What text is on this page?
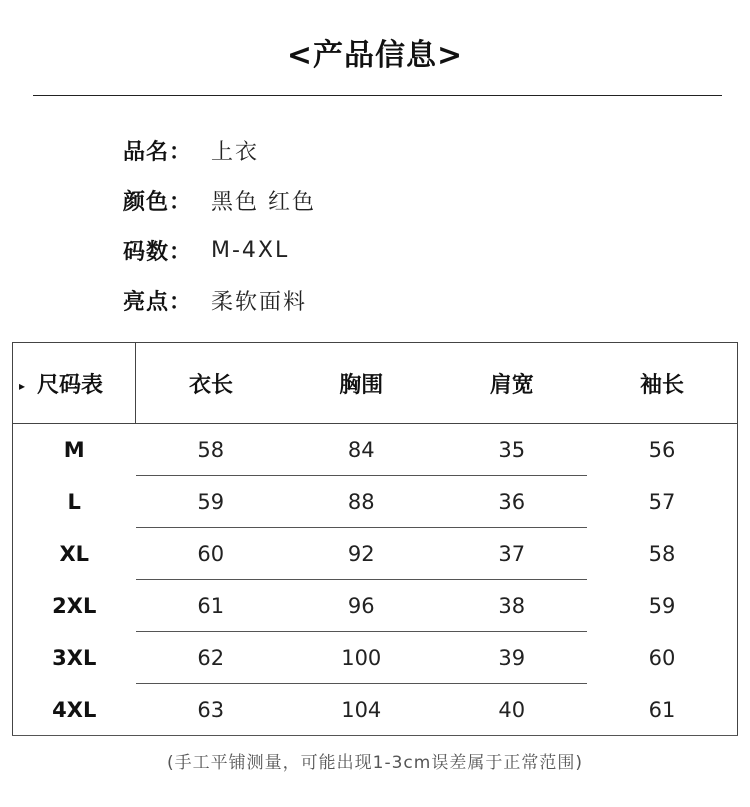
<产品信息>
品名： 上衣
颜色： 黑色 红色
码数： M-4XL
亮点： 柔软面料
▸ 尺码表	衣长	胸围	肩宽	袖长
M	58	84	35	56
L	59	88	36	57
XL	60	92	37	58
2XL	61	96	38	59
3XL	62	100	39	60
4XL	63	104	40	61
(手工平铺测量，可能出现1-3cm误差属于正常范围)
